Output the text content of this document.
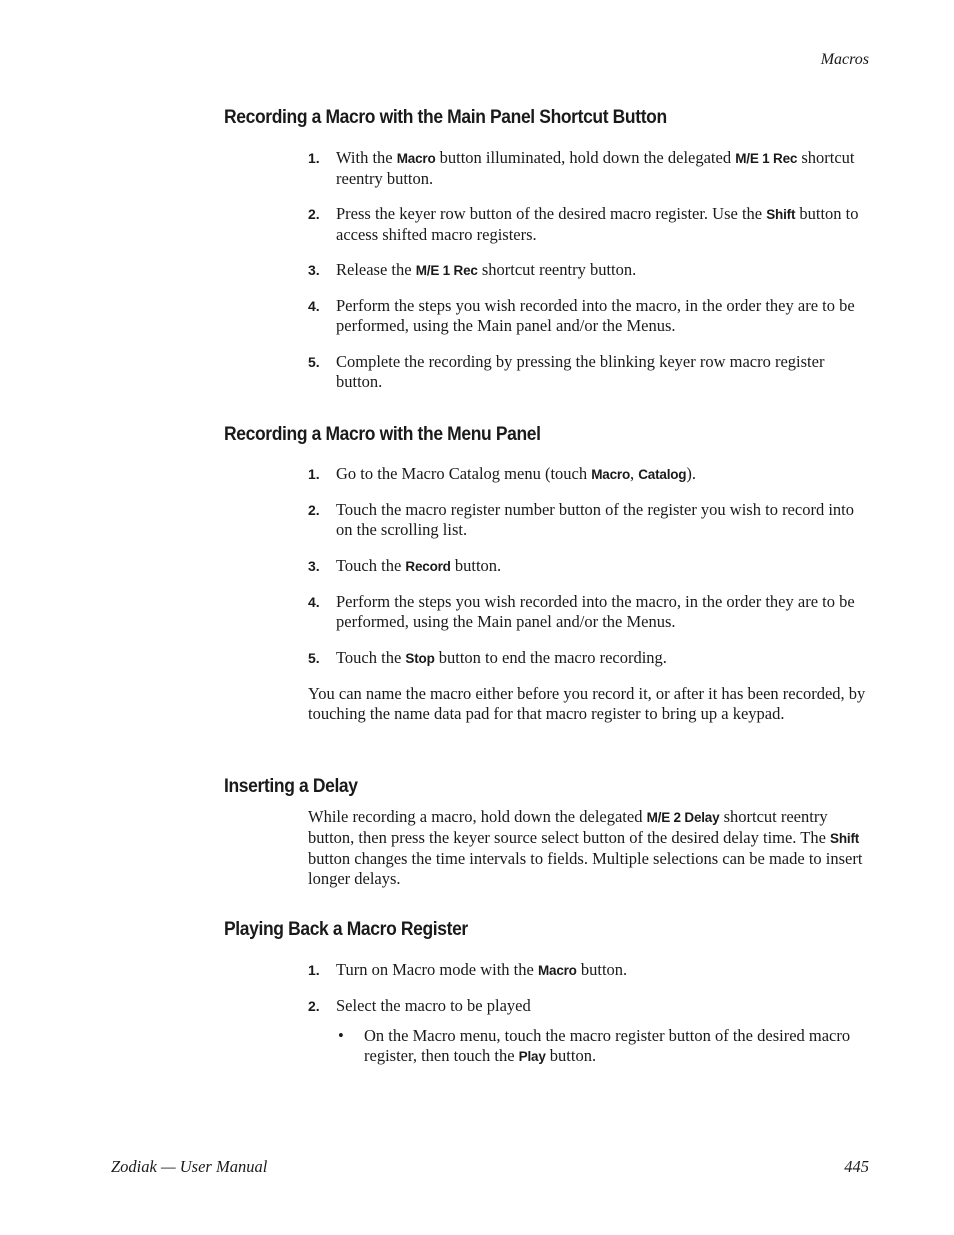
Macros
Recording a Macro with the Main Panel Shortcut Button
1. With the Macro button illuminated, hold down the delegated M/E 1 Rec shortcut reentry button.
2. Press the keyer row button of the desired macro register. Use the Shift button to access shifted macro registers.
3. Release the M/E 1 Rec shortcut reentry button.
4. Perform the steps you wish recorded into the macro, in the order they are to be performed, using the Main panel and/or the Menus.
5. Complete the recording by pressing the blinking keyer row macro register button.
Recording a Macro with the Menu Panel
1. Go to the Macro Catalog menu (touch Macro, Catalog).
2. Touch the macro register number button of the register you wish to record into on the scrolling list.
3. Touch the Record button.
4. Perform the steps you wish recorded into the macro, in the order they are to be performed, using the Main panel and/or the Menus.
5. Touch the Stop button to end the macro recording.
You can name the macro either before you record it, or after it has been recorded, by touching the name data pad for that macro register to bring up a keypad.
Inserting a Delay
While recording a macro, hold down the delegated M/E 2 Delay shortcut reentry button, then press the keyer source select button of the desired delay time. The Shift button changes the time intervals to fields. Multiple selections can be made to insert longer delays.
Playing Back a Macro Register
1. Turn on Macro mode with the Macro button.
2. Select the macro to be played
• On the Macro menu, touch the macro register button of the desired macro register, then touch the Play button.
Zodiak — User Manual	445
